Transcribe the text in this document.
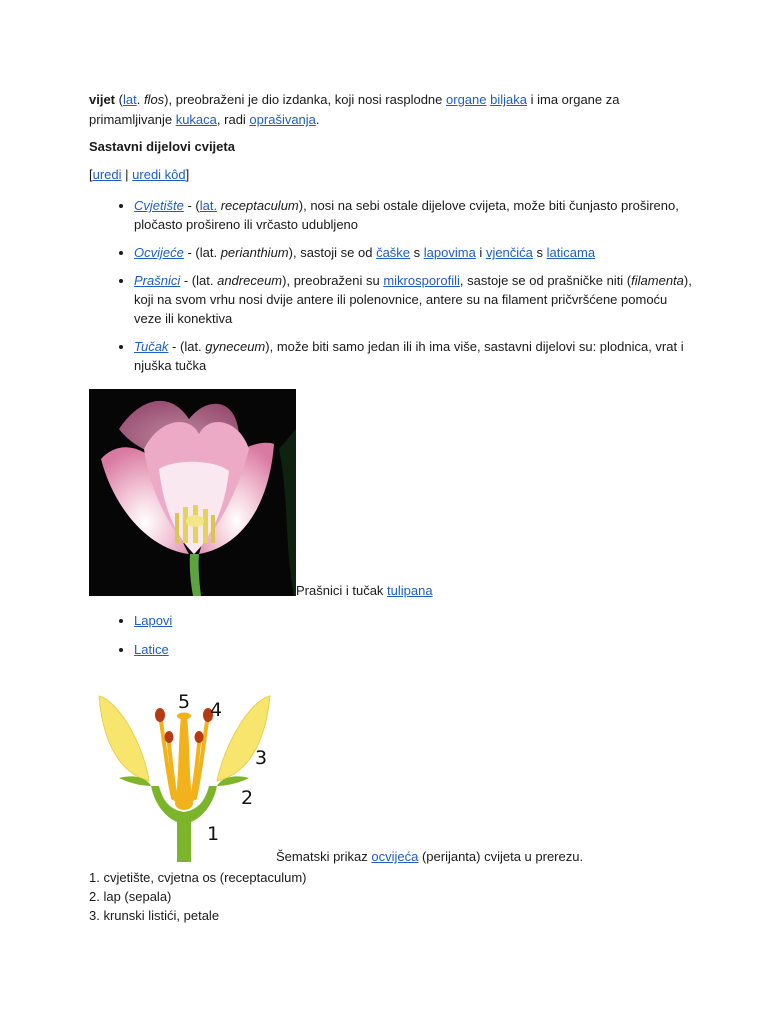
vijet (lat. flos), preobraženi je dio izdanka, koji nosi rasplodne organe biljaka i ima organe za primamljivanje kukaca, radi oprašivanja.

Sastavni dijelovi cvijeta
[uredi | uredi kôd]
• Cvjetište - (lat. receptaculum), nosi na sebi ostale dijelove cvijeta, može biti čunjasto prošireno, pločasto prošireno ili vrčasto udubljeno
• Ocvijeće - (lat. perianthium), sastoji se od čaške s lapovima i vjenčića s laticama
• Prašnici - (lat. andreceum), preobraženi su mikrosporofili, sastoje se od prašničke niti (filamenta), koji na svom vrhu nosi dvije antere ili polenovnice, antere su na filament pričvršćene pomoću veze ili konektiva
• Tučak - (lat. gyneceum), može biti samo jedan ili ih ima više, sastavni dijelovi su: plodnica, vrat i njuška tučka
Prašnici i tučak tulipana
• Lapovi
• Latice
1
2
3
4
5
Šematski prikaz ocvijeća (perijanta) cvijeta u prerezu.
1. cvjetište, cvjetna os (receptaculum)
2. lap (sepala)
3. krunski listići, petale
